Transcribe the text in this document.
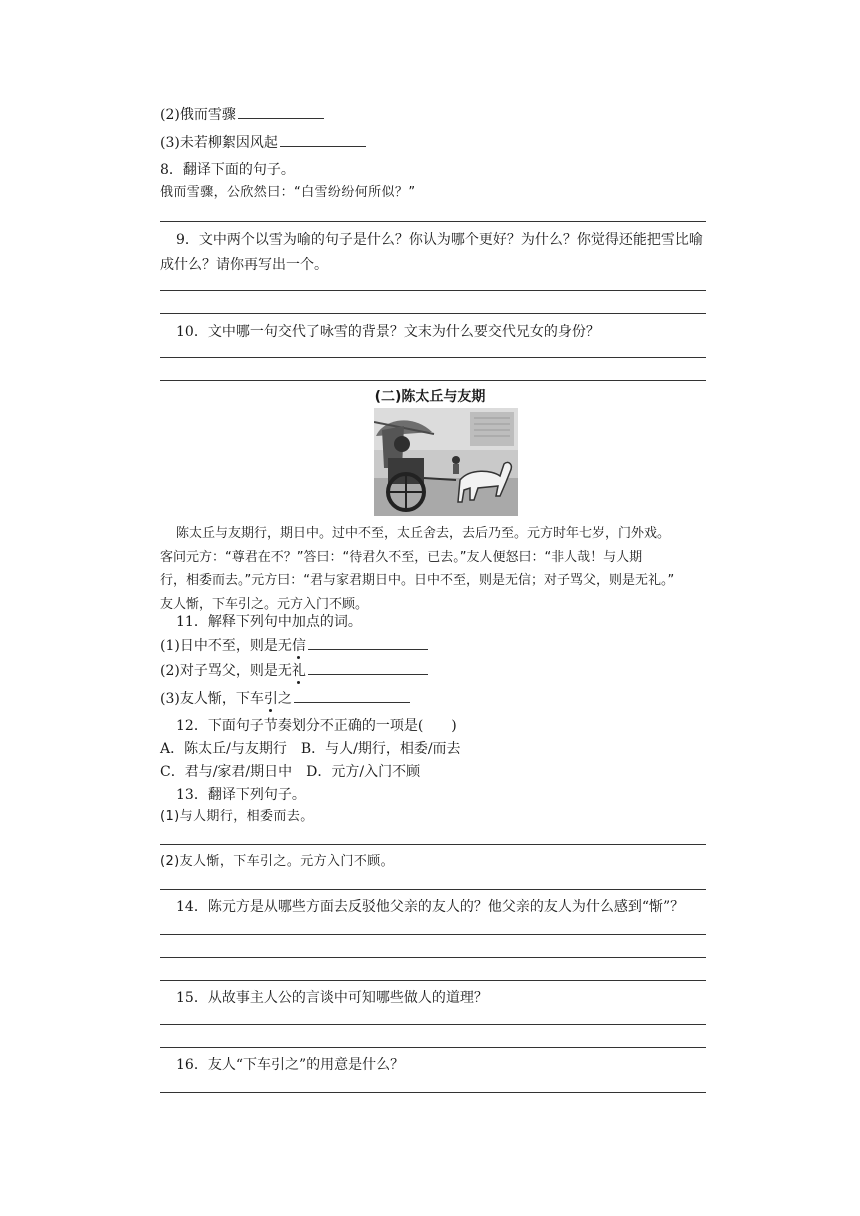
(2)俄而雪骤
(3)未若柳絮因风起
8．翻译下面的句子。
俄而雪骤，公欣然曰：“白雪纷纷何所似？”
9．文中两个以雪为喻的句子是什么？你认为哪个更好？为什么？你觉得还能把雪比喻
成什么？请你再写出一个。
10．文中哪一句交代了咏雪的背景？文末为什么要交代兄女的身份？
(二)陈太丘与友期
陈太丘与友期行，期日中。过中不至，太丘舍去，去后乃至。元方时年七岁，门外戏。
客问元方：“尊君在不？”答曰：“待君久不至，已去。”友人便怒曰：“非人哉！与人期
行，相委而去。”元方曰：“君与家君期日中。日中不至，则是无信；对子骂父，则是无礼。”
友人惭，下车引之。元方入门不顾。
11．解释下列句中加点的词。
(1)日中不至，则是无信
(2)对子骂父，则是无礼
(3)友人惭，下车引之
12．下面句子节奏划分不正确的一项是(　　)
A．陈太丘/与友期行　B．与人/期行，相委/而去
C．君与/家君/期日中　D．元方/入门不顾
13．翻译下列句子。
(1)与人期行，相委而去。
(2)友人惭，下车引之。元方入门不顾。
14．陈元方是从哪些方面去反驳他父亲的友人的？他父亲的友人为什么感到“惭”？
15．从故事主人公的言谈中可知哪些做人的道理？
16．友人“下车引之”的用意是什么？
